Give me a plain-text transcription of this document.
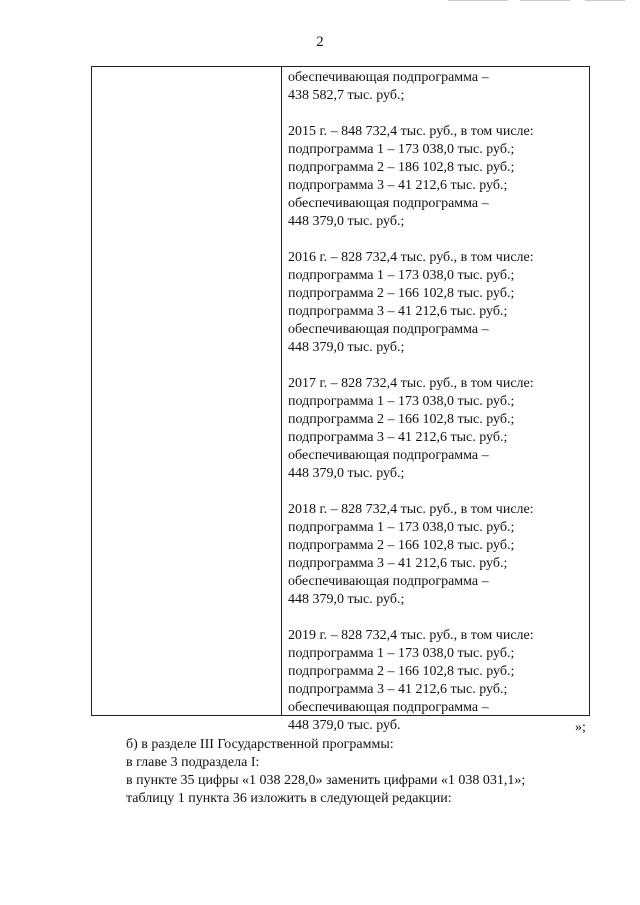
2
обеспечивающая подпрограмма –
438 582,7 тыс. руб.;
2015 г. – 848 732,4 тыс. руб., в том числе:
подпрограмма 1 – 173 038,0 тыс. руб.;
подпрограмма 2 – 186 102,8 тыс. руб.;
подпрограмма 3 – 41 212,6 тыс. руб.;
обеспечивающая подпрограмма –
448 379,0 тыс. руб.;
2016 г. – 828 732,4 тыс. руб., в том числе:
подпрограмма 1 – 173 038,0 тыс. руб.;
подпрограмма 2 – 166 102,8 тыс. руб.;
подпрограмма 3 – 41 212,6 тыс. руб.;
обеспечивающая подпрограмма –
448 379,0 тыс. руб.;
2017 г. – 828 732,4 тыс. руб., в том числе:
подпрограмма 1 – 173 038,0 тыс. руб.;
подпрограмма 2 – 166 102,8 тыс. руб.;
подпрограмма 3 – 41 212,6 тыс. руб.;
обеспечивающая подпрограмма –
448 379,0 тыс. руб.;
2018 г. – 828 732,4 тыс. руб., в том числе:
подпрограмма 1 – 173 038,0 тыс. руб.;
подпрограмма 2 – 166 102,8 тыс. руб.;
подпрограмма 3 – 41 212,6 тыс. руб.;
обеспечивающая подпрограмма –
448 379,0 тыс. руб.;
2019 г. – 828 732,4 тыс. руб., в том числе:
подпрограмма 1 – 173 038,0 тыс. руб.;
подпрограмма 2 – 166 102,8 тыс. руб.;
подпрограмма 3 – 41 212,6 тыс. руб.;
обеспечивающая подпрограмма –
448 379,0 тыс. руб.	»;
б) в разделе III Государственной программы:
в главе 3 подраздела I:
в пункте 35 цифры «1 038 228,0» заменить цифрами «1 038 031,1»;
таблицу 1 пункта 36 изложить в следующей редакции:
